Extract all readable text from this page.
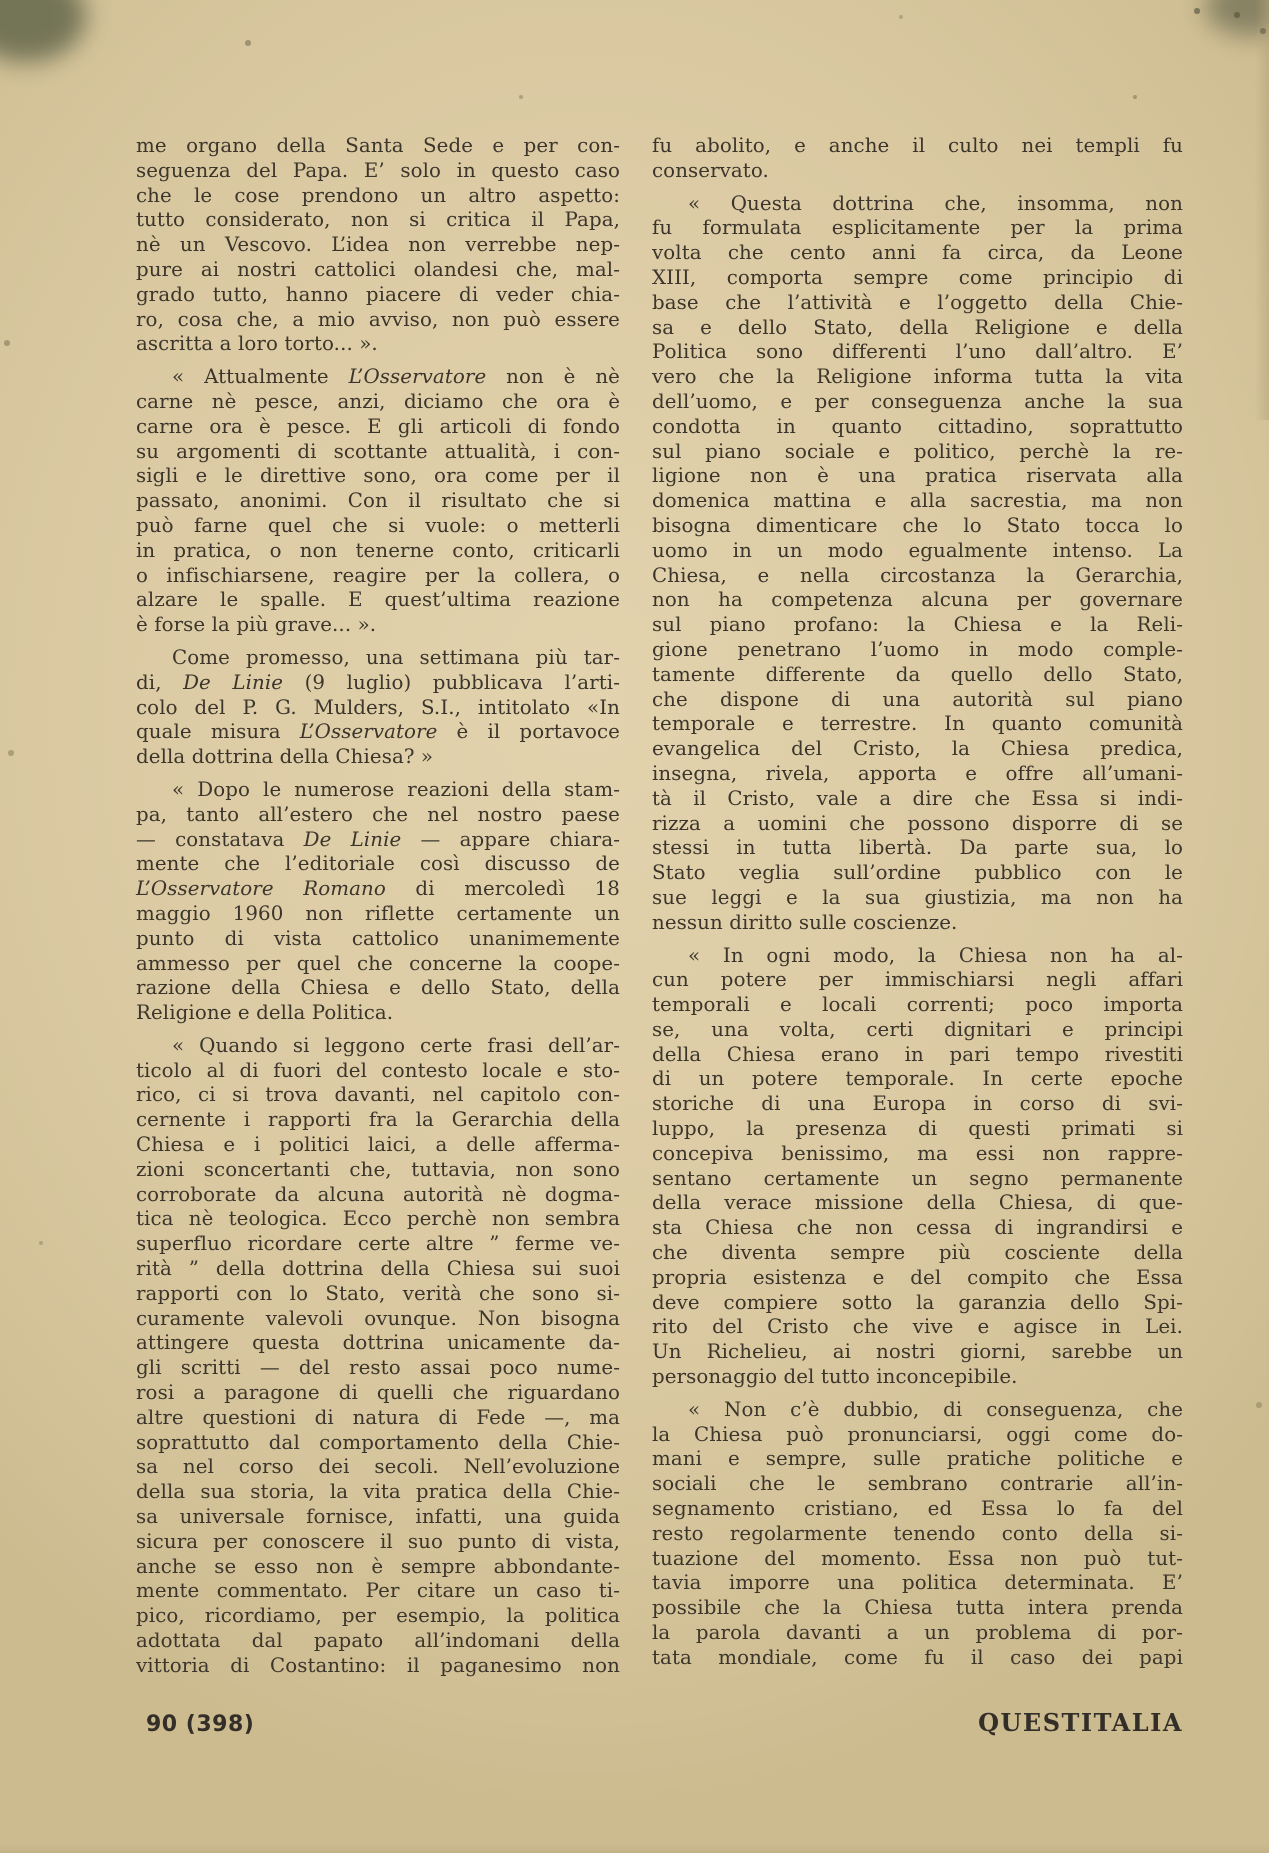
me organo della Santa Sede e per con-
seguenza del Papa. E’ solo in questo caso
che le cose prendono un altro aspetto:
tutto considerato, non si critica il Papa,
nè un Vescovo. L’idea non verrebbe nep-
pure ai nostri cattolici olandesi che, mal-
grado tutto, hanno piacere di veder chia-
ro, cosa che, a mio avviso, non può essere
ascritta a loro torto... ».
« Attualmente L’Osservatore non è nè
carne nè pesce, anzi, diciamo che ora è
carne ora è pesce. E gli articoli di fondo
su argomenti di scottante attualità, i con-
sigli e le direttive sono, ora come per il
passato, anonimi. Con il risultato che si
può farne quel che si vuole: o metterli
in pratica, o non tenerne conto, criticarli
o infischiarsene, reagire per la collera, o
alzare le spalle. E quest’ultima reazione
è forse la più grave... ».
Come promesso, una settimana più tar-
di, De Linie (9 luglio) pubblicava l’arti-
colo del P. G. Mulders, S.I., intitolato «In
quale misura L’Osservatore è il portavoce
della dottrina della Chiesa? »
« Dopo le numerose reazioni della stam-
pa, tanto all’estero che nel nostro paese
— constatava De Linie — appare chiara-
mente che l’editoriale così discusso de
L’Osservatore Romano di mercoledì 18
maggio 1960 non riflette certamente un
punto di vista cattolico unanimemente
ammesso per quel che concerne la coope-
razione della Chiesa e dello Stato, della
Religione e della Politica.
« Quando si leggono certe frasi dell’ar-
ticolo al di fuori del contesto locale e sto-
rico, ci si trova davanti, nel capitolo con-
cernente i rapporti fra la Gerarchia della
Chiesa e i politici laici, a delle afferma-
zioni sconcertanti che, tuttavia, non sono
corroborate da alcuna autorità nè dogma-
tica nè teologica. Ecco perchè non sembra
superfluo ricordare certe altre ” ferme ve-
rità ” della dottrina della Chiesa sui suoi
rapporti con lo Stato, verità che sono si-
curamente valevoli ovunque. Non bisogna
attingere questa dottrina unicamente da-
gli scritti — del resto assai poco nume-
rosi a paragone di quelli che riguardano
altre questioni di natura di Fede —, ma
soprattutto dal comportamento della Chie-
sa nel corso dei secoli. Nell’evoluzione
della sua storia, la vita pratica della Chie-
sa universale fornisce, infatti, una guida
sicura per conoscere il suo punto di vista,
anche se esso non è sempre abbondante-
mente commentato. Per citare un caso ti-
pico, ricordiamo, per esempio, la politica
adottata dal papato all’indomani della
vittoria di Costantino: il paganesimo non
fu abolito, e anche il culto nei templi fu
conservato.
« Questa dottrina che, insomma, non
fu formulata esplicitamente per la prima
volta che cento anni fa circa, da Leone
XIII, comporta sempre come principio di
base che l’attività e l’oggetto della Chie-
sa e dello Stato, della Religione e della
Politica sono differenti l’uno dall’altro. E’
vero che la Religione informa tutta la vita
dell’uomo, e per conseguenza anche la sua
condotta in quanto cittadino, soprattutto
sul piano sociale e politico, perchè la re-
ligione non è una pratica riservata alla
domenica mattina e alla sacrestia, ma non
bisogna dimenticare che lo Stato tocca lo
uomo in un modo egualmente intenso. La
Chiesa, e nella circostanza la Gerarchia,
non ha competenza alcuna per governare
sul piano profano: la Chiesa e la Reli-
gione penetrano l’uomo in modo comple-
tamente differente da quello dello Stato,
che dispone di una autorità sul piano
temporale e terrestre. In quanto comunità
evangelica del Cristo, la Chiesa predica,
insegna, rivela, apporta e offre all’umani-
tà il Cristo, vale a dire che Essa si indi-
rizza a uomini che possono disporre di se
stessi in tutta libertà. Da parte sua, lo
Stato veglia sull’ordine pubblico con le
sue leggi e la sua giustizia, ma non ha
nessun diritto sulle coscienze.
« In ogni modo, la Chiesa non ha al-
cun potere per immischiarsi negli affari
temporali e locali correnti; poco importa
se, una volta, certi dignitari e principi
della Chiesa erano in pari tempo rivestiti
di un potere temporale. In certe epoche
storiche di una Europa in corso di svi-
luppo, la presenza di questi primati si
concepiva benissimo, ma essi non rappre-
sentano certamente un segno permanente
della verace missione della Chiesa, di que-
sta Chiesa che non cessa di ingrandirsi e
che diventa sempre più cosciente della
propria esistenza e del compito che Essa
deve compiere sotto la garanzia dello Spi-
rito del Cristo che vive e agisce in Lei.
Un Richelieu, ai nostri giorni, sarebbe un
personaggio del tutto inconcepibile.
« Non c’è dubbio, di conseguenza, che
la Chiesa può pronunciarsi, oggi come do-
mani e sempre, sulle pratiche politiche e
sociali che le sembrano contrarie all’in-
segnamento cristiano, ed Essa lo fa del
resto regolarmente tenendo conto della si-
tuazione del momento. Essa non può tut-
tavia imporre una politica determinata. E’
possibile che la Chiesa tutta intera prenda
la parola davanti a un problema di por-
tata mondiale, come fu il caso dei papi
90 (398)	QUESTITALIA
